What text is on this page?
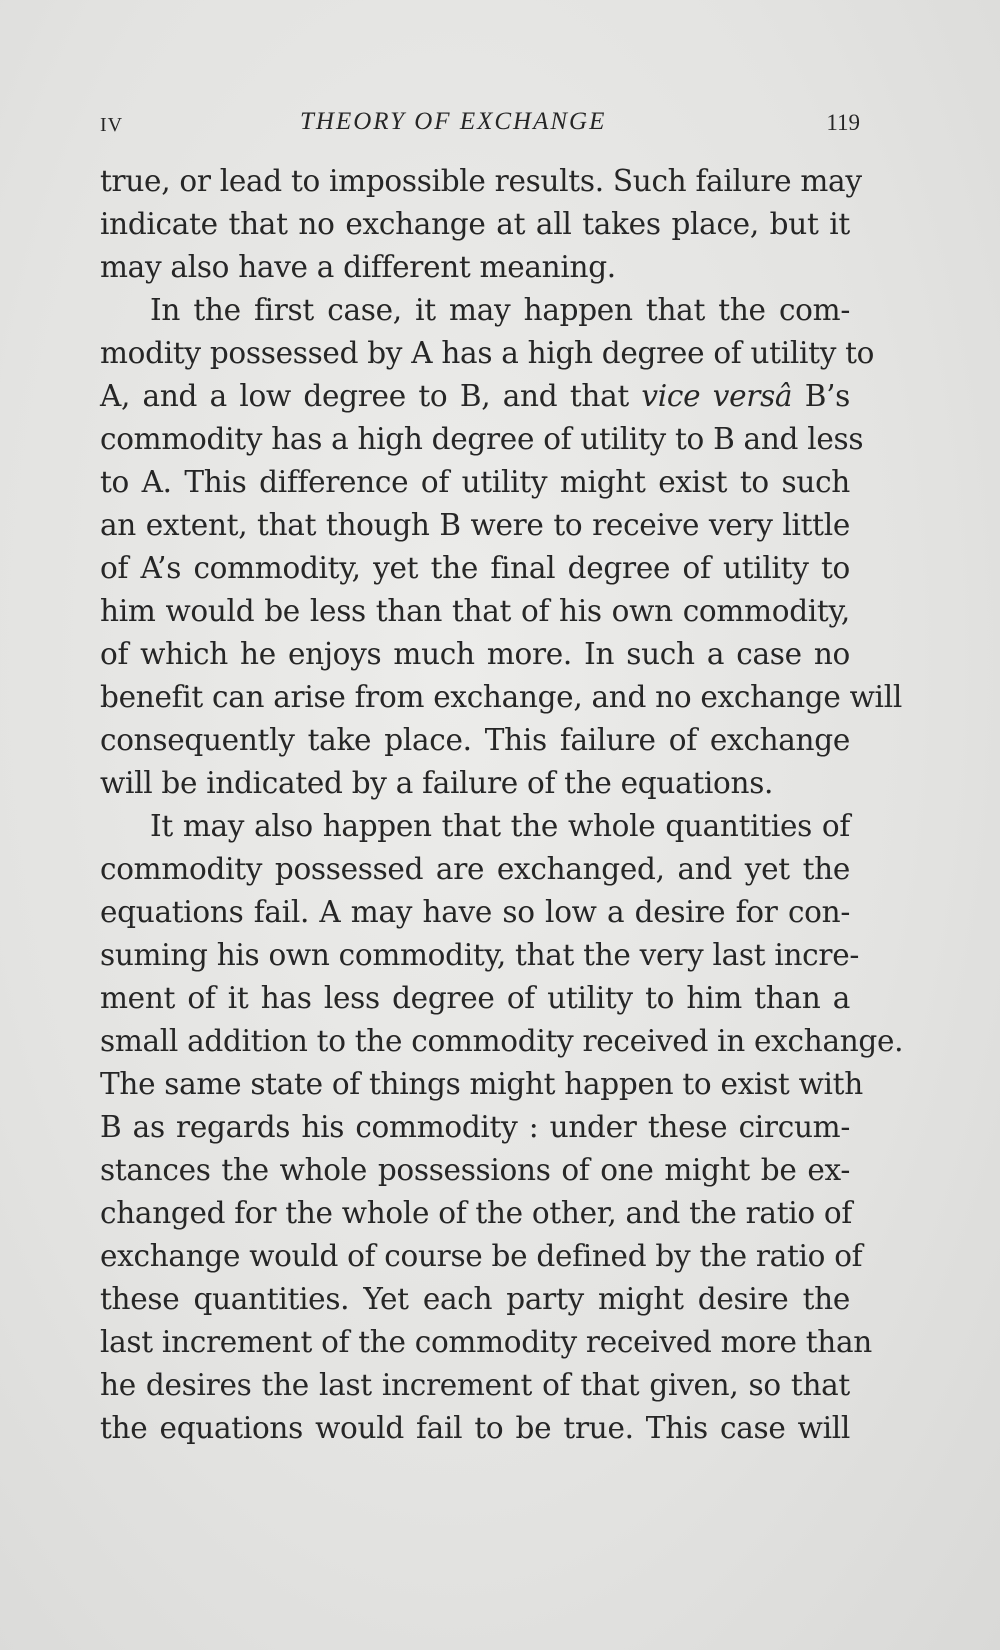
IV	THEORY OF EXCHANGE	119
true, or lead to impossible results. Such failure may
indicate that no exchange at all takes place, but it
may also have a different meaning.
In the first case, it may happen that the com-
modity possessed by A has a high degree of utility to
A, and a low degree to B, and that vice versâ B’s
commodity has a high degree of utility to B and less
to A. This difference of utility might exist to such
an extent, that though B were to receive very little
of A’s commodity, yet the final degree of utility to
him would be less than that of his own commodity,
of which he enjoys much more. In such a case no
benefit can arise from exchange, and no exchange will
consequently take place. This failure of exchange
will be indicated by a failure of the equations.
It may also happen that the whole quantities of
commodity possessed are exchanged, and yet the
equations fail. A may have so low a desire for con-
suming his own commodity, that the very last incre-
ment of it has less degree of utility to him than a
small addition to the commodity received in exchange.
The same state of things might happen to exist with
B as regards his commodity : under these circum-
stances the whole possessions of one might be ex-
changed for the whole of the other, and the ratio of
exchange would of course be defined by the ratio of
these quantities. Yet each party might desire the
last increment of the commodity received more than
he desires the last increment of that given, so that
the equations would fail to be true. This case will
